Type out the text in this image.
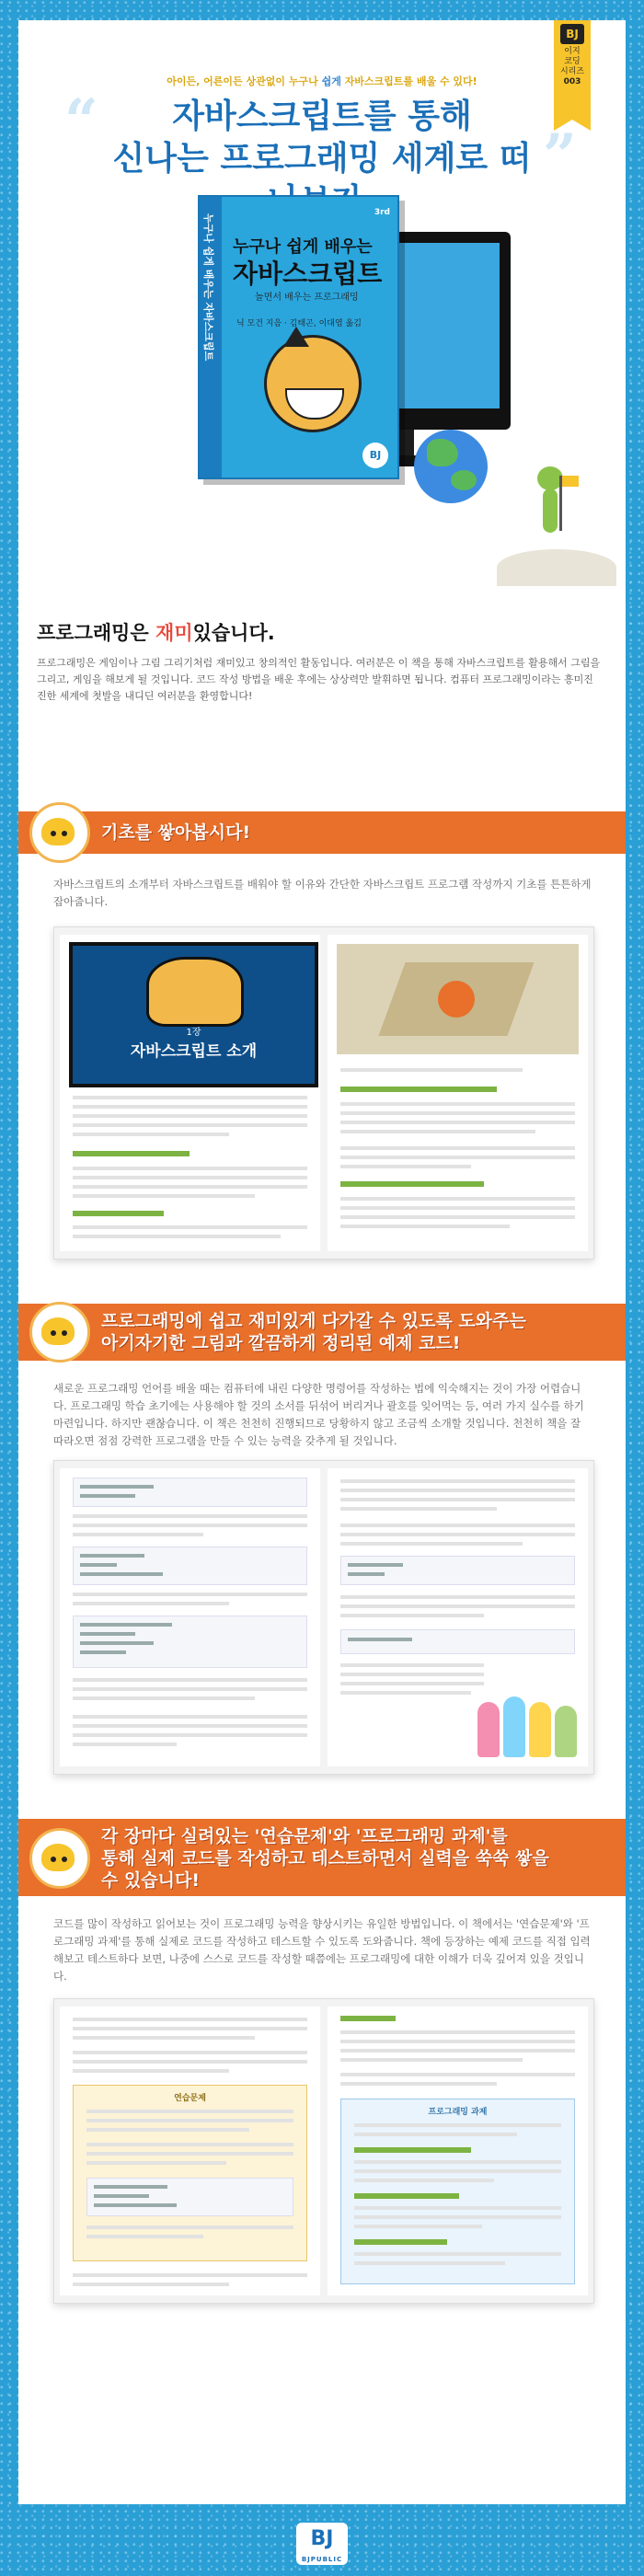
BJ
이지
코딩
시리즈
003
아이든, 어른이든 상관없이 누구나 쉽게 자바스크립트를 배울 수 있다!
“
”
자바스크립트를 통해
신나는 프로그래밍 세계로 떠
누구나 쉽게 배우는 자바스크립트
3rd
누구나 쉽게 배우는
자바스크립트
놀면서 배우는 프로그래밍
닉 모건 지음 · 김태곤, 이대엽 옮김
BJ
프로그래밍은 재미있습니다.
프로그래밍은 게임이나 그림 그리기처럼 재미있고 창의적인 활동입니다. 여러분은 이 책을 통해 자바스크립트를 활용해서 그림을 그리고, 게임을 해보게 될 것입니다. 코드 작성 방법을 배운 후에는 상상력만 발휘하면 됩니다. 컴퓨터 프로그래밍이라는 흥미진진한 세계에 첫발을 내디딘 여러분을 환영합니다!
기초를 쌓아봅시다!
자바스크립트의 소개부터 자바스크립트를 배워야 할 이유와 간단한 자바스크립트 프로그램 작성까지 기초를 튼튼하게 잡아줍니다.
1장
자바스크립트 소개
프로그래밍에 쉽고 재미있게 다가갈 수 있도록 도와주는
아기자기한 그림과 깔끔하게 정리된 예제 코드!
새로운 프로그래밍 언어를 배울 때는 컴퓨터에 내린 다양한 명령어를 작성하는 법에 익숙해지는 것이 가장 어렵습니다. 프로그래밍 학습 초기에는 사용해야 할 것의 소서를 뒤섞어 버리거나 괄호를 잊어먹는 등, 여러 가지 실수를 하기 마련입니다. 하지만 괜찮습니다. 이 책은 천천히 진행되므로 당황하지 않고 조금씩 소개할 것입니다. 천천히 책을 잘 따라오면 점점 강력한 프로그램을 만들 수 있는 능력을 갖추게 될 것입니다.
각 장마다 실려있는 '연습문제'와 '프로그래밍 과제'를
통해 실제 코드를 작성하고 테스트하면서 실력을 쑥쑥 쌓을
수 있습니다!
코드를 많이 작성하고 읽어보는 것이 프로그래밍 능력을 향상시키는 유일한 방법입니다. 이 책에서는 '연습문제'와 '프로그래밍 과제'를 통해 실제로 코드를 작성하고 테스트할 수 있도록 도와줍니다. 책에 등장하는 예제 코드를 직접 입력해보고 테스트하다 보면, 나중에 스스로 코드를 작성할 때쯤에는 프로그래밍에 대한 이해가 더욱 깊어져 있을 것입니다.
연습문제
프로그래밍 과제
BJ
BJPUBLIC
